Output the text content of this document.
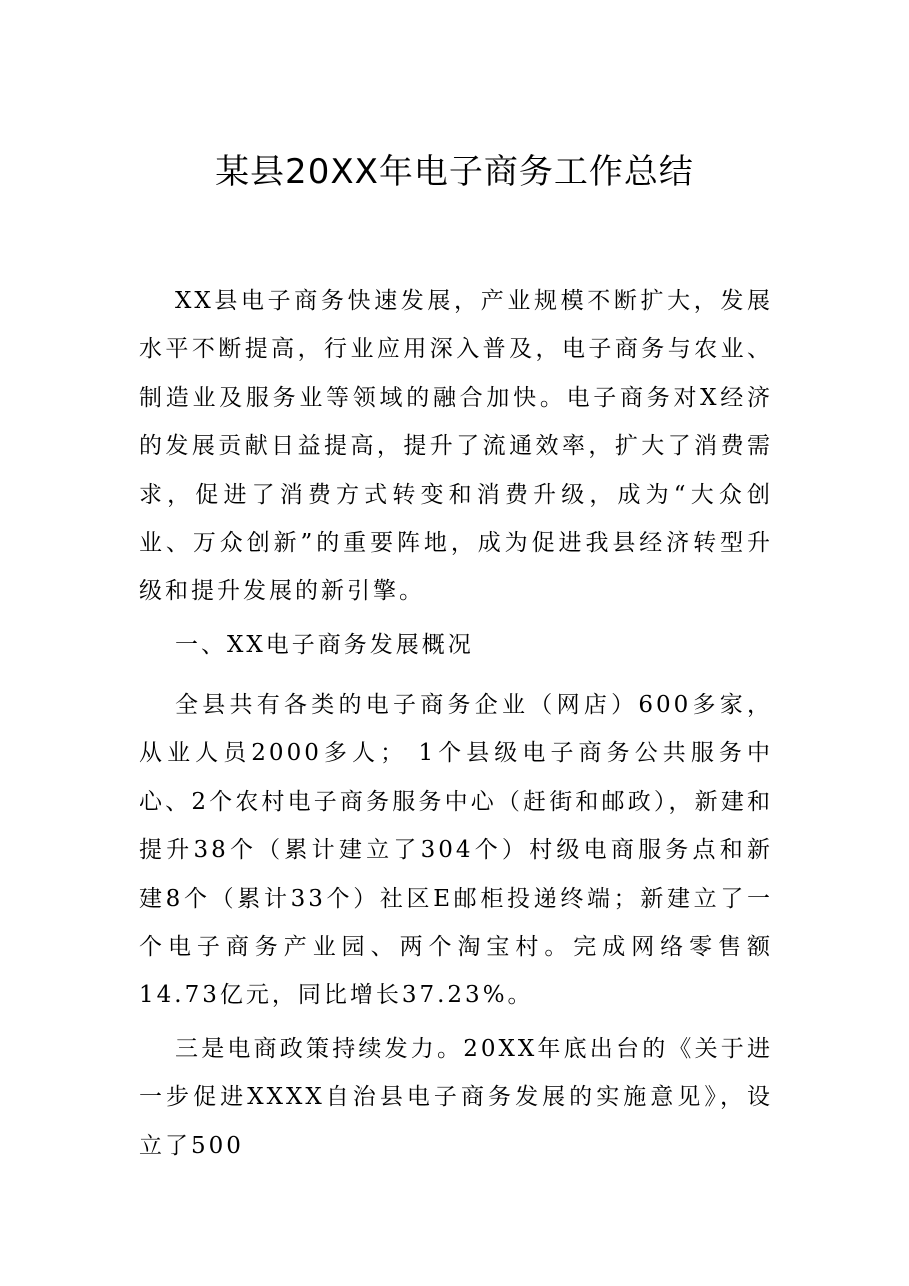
某县20XX年电子商务工作总结

XX县电子商务快速发展，产业规模不断扩大，发展水平不断提高，行业应用深入普及，电子商务与农业、制造业及服务业等领域的融合加快。电子商务对X经济的发展贡献日益提高，提升了流通效率，扩大了消费需求，促进了消费方式转变和消费升级，成为“大众创业、万众创新”的重要阵地，成为促进我县经济转型升级和提升发展的新引擎。

一、XX电子商务发展概况

全县共有各类的电子商务企业（网店）600多家，从业人员2000多人； 1个县级电子商务公共服务中心、2个农村电子商务服务中心（赶街和邮政），新建和提升38个（累计建立了304个）村级电商服务点和新建8个（累计33个）社区E邮柜投递终端；新建立了一个电子商务产业园、两个淘宝村。完成网络零售额14.73亿元，同比增长37.23%。

三是电商政策持续发力。20XX年底出台的《关于进一步促进XXXX自治县电子商务发展的实施意见》，设立了500
